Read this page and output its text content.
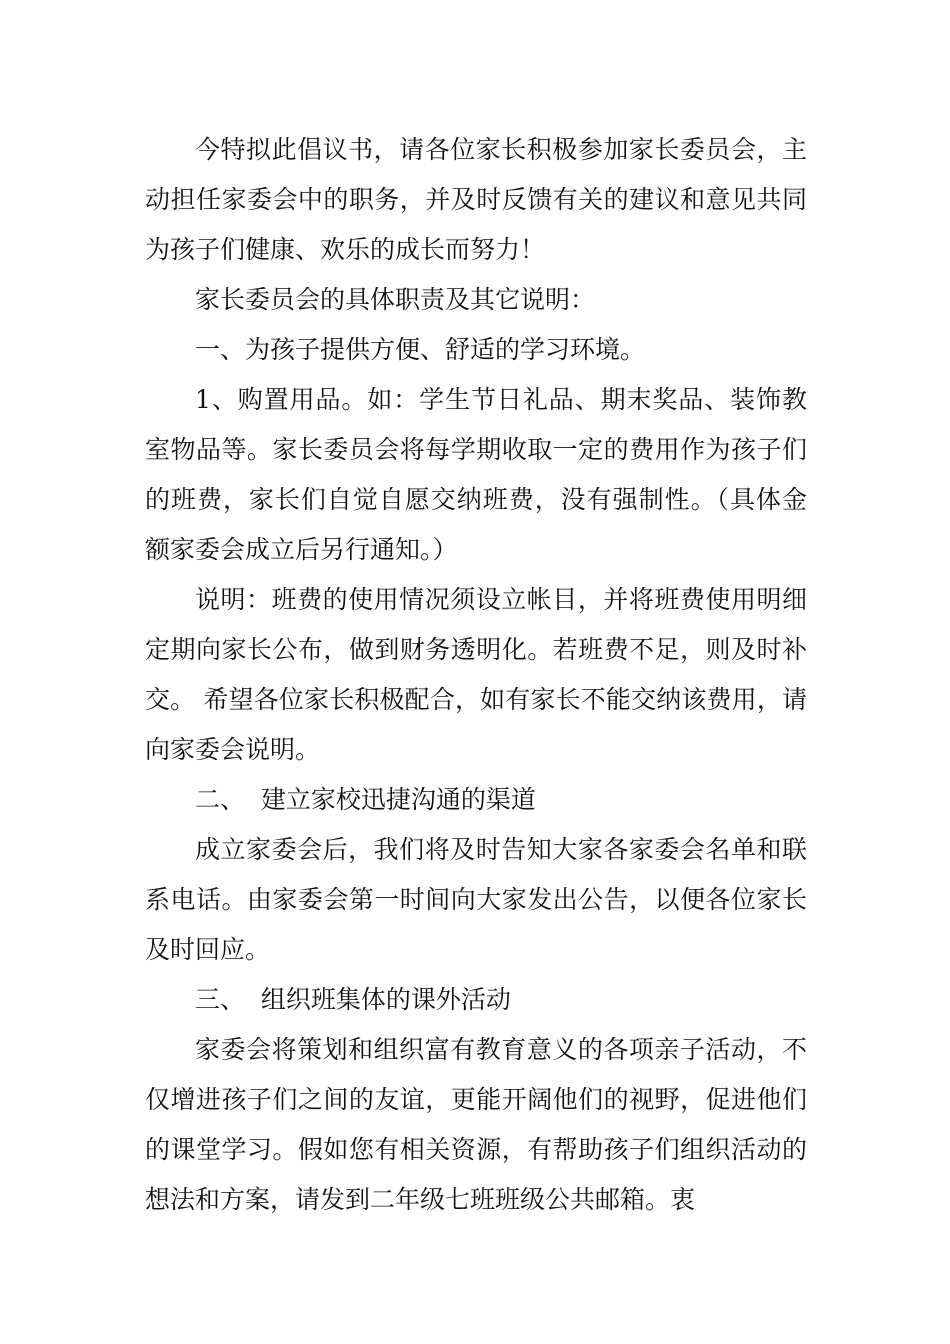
今特拟此倡议书，请各位家长积极参加家长委员会，主动担任家委会中的职务，并及时反馈有关的建议和意见共同为孩子们健康、欢乐的成长而努力！

家长委员会的具体职责及其它说明：

一、为孩子提供方便、舒适的学习环境。

1、购置用品。如：学生节日礼品、期末奖品、装饰教室物品等。家长委员会将每学期收取一定的费用作为孩子们的班费，家长们自觉自愿交纳班费，没有强制性。（具体金额家委会成立后另行通知。）

说明：班费的使用情况须设立帐目，并将班费使用明细定期向家长公布，做到财务透明化。若班费不足，则及时补交。 希望各位家长积极配合，如有家长不能交纳该费用，请向家委会说明。

二、  建立家校迅捷沟通的渠道

成立家委会后，我们将及时告知大家各家委会名单和联系电话。由家委会第一时间向大家发出公告，以便各位家长及时回应。

三、  组织班集体的课外活动

家委会将策划和组织富有教育意义的各项亲子活动，不仅增进孩子们之间的友谊，更能开阔他们的视野，促进他们的课堂学习。假如您有相关资源，有帮助孩子们组织活动的想法和方案，请发到二年级七班班级公共邮箱。衷
